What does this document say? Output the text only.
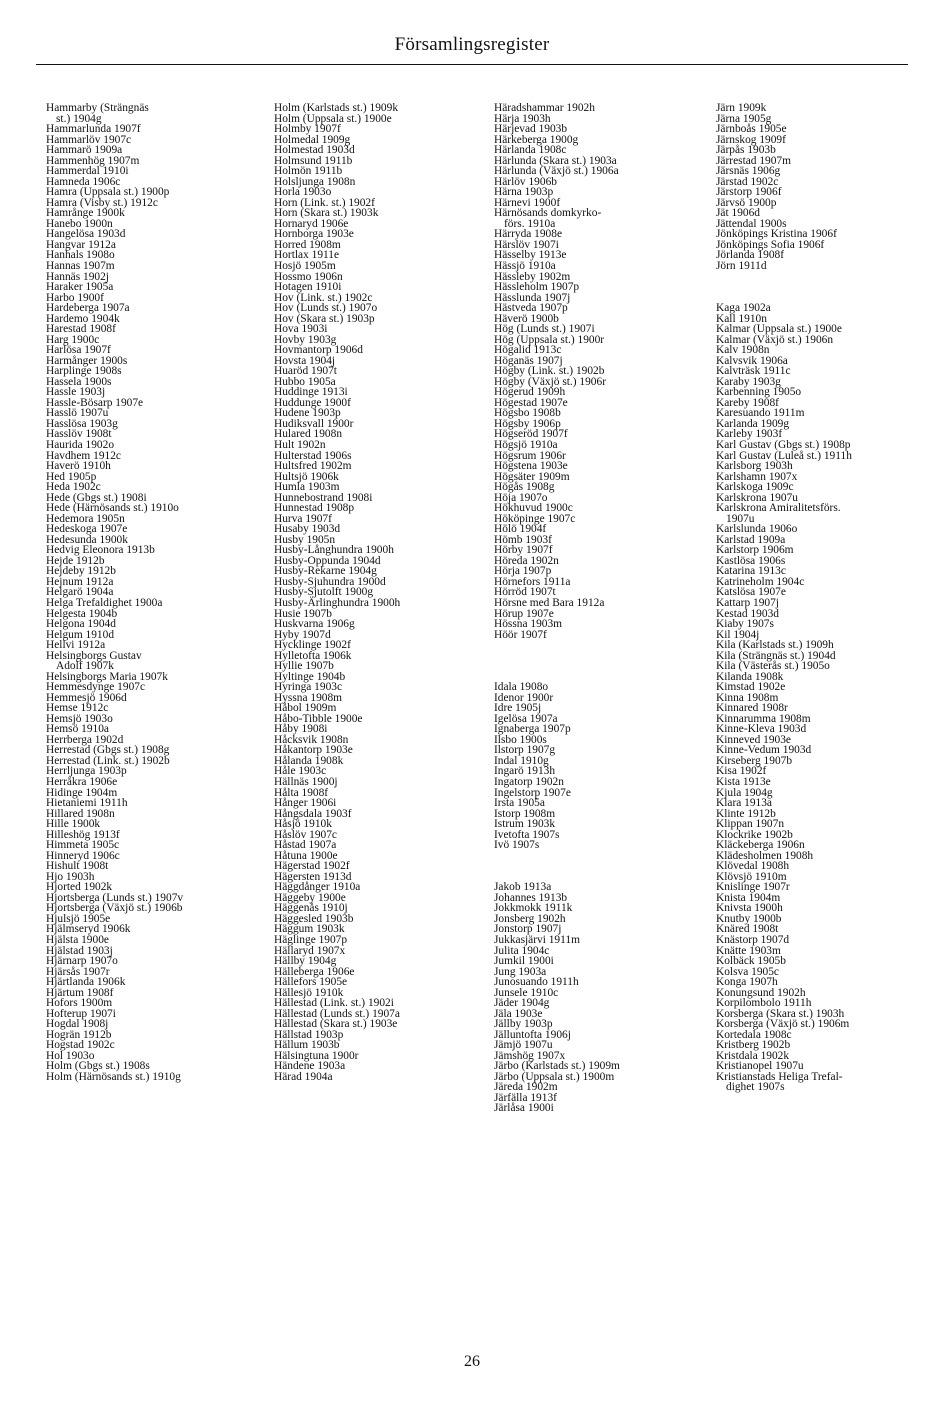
Församlingsregister
Hammarby (Strängnäs
st.) 1904g
Hammarlunda 1907f
Hammarlöv 1907c
Hammarö 1909a
Hammenhög 1907m
Hammerdal 1910i
Hamneda 1906c
Hamra (Uppsala st.) 1900p
Hamra (Visby st.) 1912c
Hamrånge 1900k
Hanebo 1900n
Hangelösa 1903d
Hangvar 1912a
Hanhals 1908o
Hannas 1907m
Hannäs 1902j
Haraker 1905a
Harbo 1900f
Hardeberga 1907a
Hardemo 1904k
Harestad 1908f
Harg 1900c
Harlösa 1907f
Harmånger 1900s
Harplinge 1908s
Hassela 1900s
Hassle 1903j
Hassle-Bösarp 1907e
Hasslö 1907u
Hasslösa 1903g
Hasslöv 1908t
Haurida 1902o
Havdhem 1912c
Haverö 1910h
Hed 1905p
Heda 1902c
Hede (Gbgs st.) 1908i
Hede (Härnösands st.) 1910o
Hedemora 1905n
Hedeskoga 1907e
Hedesunda 1900k
Hedvig Eleonora 1913b
Hejde 1912b
Hejdeby 1912b
Hejnum 1912a
Helgarö 1904a
Helga Trefaldighet 1900a
Helgesta 1904b
Helgona 1904d
Helgum 1910d
Hellvi 1912a
Helsingborgs Gustav
Adolf 1907k
Helsingborgs Maria 1907k
Hemmesdynge 1907c
Hemmesjö 1906d
Hemse 1912c
Hemsjö 1903o
Hemsö 1910a
Herrberga 1902d
Herrestad (Gbgs st.) 1908g
Herrestad (Link. st.) 1902b
Herrljunga 1903p
Herråkra 1906e
Hidinge 1904m
Hietaniemi 1911h
Hillared 1908n
Hille 1900k
Hilleshög 1913f
Himmeta 1905c
Hinneryd 1906c
Hishult 1908t
Hjo 1903h
Hjorted 1902k
Hjortsberga (Lunds st.) 1907v
Hjortsberga (Växjö st.) 1906b
Hjulsjö 1905e
Hjälmseryd 1906k
Hjälsta 1900e
Hjälstad 1903j
Hjärnarp 1907o
Hjärsås 1907r
Hjärtlanda 1906k
Hjärtum 1908f
Hofors 1900m
Hofterup 1907i
Hogdal 1908j
Hogrän 1912b
Hogstad 1902c
Hol 1903o
Holm (Gbgs st.) 1908s
Holm (Härnösands st.) 1910g
Holm (Karlstads st.) 1909k
Holm (Uppsala st.) 1900e
Holmby 1907f
Holmedal 1909g
Holmestad 1903d
Holmsund 1911b
Holmön 1911b
Holsljunga 1908n
Horla 1903o
Horn (Link. st.) 1902f
Horn (Skara st.) 1903k
Hornaryd 1906e
Hornborga 1903e
Horred 1908m
Hortlax 1911e
Hosjö 1905m
Hossmo 1906n
Hotagen 1910i
Hov (Link. st.) 1902c
Hov (Lunds st.) 1907o
Hov (Skara st.) 1903p
Hova 1903i
Hovby 1903g
Hovmantorp 1906d
Hovsta 1904j
Huaröd 1907t
Hubbo 1905a
Huddinge 1913i
Huddunge 1900f
Hudene 1903p
Hudiksvall 1900r
Hulared 1908n
Hult 1902n
Hulterstad 1906s
Hultsfred 1902m
Hultsjö 1906k
Humla 1903m
Hunnebostrand 1908i
Hunnestad 1908p
Hurva 1907f
Husaby 1903d
Husby 1905n
Husby-Långhundra 1900h
Husby-Oppunda 1904d
Husby-Rekarne 1904g
Husby-Sjuhundra 1900d
Husby-Sjutolft 1900g
Husby-Ärlinghundra 1900h
Husie 1907b
Huskvarna 1906g
Hyby 1907d
Hycklinge 1902f
Hylletofta 1906k
Hyllie 1907b
Hyltinge 1904b
Hyringa 1903c
Hyssna 1908m
Håbol 1909m
Håbo-Tibble 1900e
Håby 1908i
Håcksvik 1908n
Håkantorp 1903e
Hålanda 1908k
Håle 1903c
Hällnäs 1900j
Hålta 1908f
Hånger 1906i
Hångsdala 1903f
Håsjö 1910k
Håslöv 1907c
Håstad 1907a
Håtuna 1900e
Hägerstad 1902f
Hägersten 1913d
Häggdånger 1910a
Häggeby 1900e
Häggenås 1910j
Häggesled 1903b
Häggum 1903k
Häglinge 1907p
Hällaryd 1907x
Hällby 1904g
Hälleberga 1906e
Hällefors 1905e
Hällesjö 1910k
Hällestad (Link. st.) 1902i
Hällestad (Lunds st.) 1907a
Hällestad (Skara st.) 1903e
Hällstad 1903p
Hällum 1903b
Hälsingtuna 1900r
Händene 1903a
Härad 1904a
Häradshammar 1902h
Härja 1903h
Härjevad 1903b
Härkeberga 1900g
Härlanda 1908c
Härlunda (Skara st.) 1903a
Härlunda (Växjö st.) 1906a
Härlöv 1906b
Härna 1903p
Härnevi 1900f
Härnösands domkyrko-
förs. 1910a
Härryda 1908e
Härslöv 1907i
Hässelby 1913e
Hässjö 1910a
Hässleby 1902m
Hässleholm 1907p
Hässlunda 1907j
Hästveda 1907p
Häverö 1900b
Hög (Lunds st.) 1907i
Hög (Uppsala st.) 1900r
Högalid 1913c
Höganäs 1907j
Högby (Link. st.) 1902b
Högby (Växjö st.) 1906r
Högerud 1909h
Högestad 1907e
Högsbo 1908b
Högsby 1906p
Högseröd 1907f
Högsjö 1910a
Högsrum 1906r
Högstena 1903e
Högsäter 1909m
Högås 1908g
Höja 1907o
Hökhuvud 1900c
Hököpinge 1907c
Hölö 1904f
Hömb 1903f
Hörby 1907f
Höreda 1902n
Hörja 1907p
Hörnefors 1911a
Hörröd 1907t
Hörsne med Bara 1912a
Hörup 1907e
Hössna 1903m
Höör 1907f

Idala 1908o
Idenor 1900r
Idre 1905j
Igelösa 1907a
Ignaberga 1907p
Ilsbo 1900s
Ilstorp 1907g
Indal 1910g
Ingarö 1913h
Ingatorp 1902n
Ingelstorp 1907e
Irsta 1905a
Istorp 1908m
Istrum 1903k
Ivetofta 1907s
Ivö 1907s

Jakob 1913a
Johannes 1913b
Jokkmokk 1911k
Jonsberg 1902h
Jonstorp 1907j
Jukkasjärvi 1911m
Julita 1904c
Jumkil 1900i
Jung 1903a
Junosuando 1911h
Junsele 1910c
Jäder 1904g
Jäla 1903e
Jällby 1903p
Jälluntofta 1906j
Jämjö 1907u
Jämshög 1907x
Järbo (Karlstads st.) 1909m
Järbo (Uppsala st.) 1900m
Järeda 1902m
Järfälla 1913f
Järlåsa 1900i
Järn 1909k
Järna 1905g
Järnboås 1905e
Järnskog 1909f
Järpås 1903b
Järrestad 1907m
Järsnäs 1906g
Järstad 1902c
Järstorp 1906f
Järvsö 1900p
Jät 1906d
Jättendal 1900s
Jönköpings Kristina 1906f
Jönköpings Sofia 1906f
Jörlanda 1908f
Jörn 1911d

Kaga 1902a
Kall 1910n
Kalmar (Uppsala st.) 1900e
Kalmar (Växjö st.) 1906n
Kalv 1908n
Kalvsvik 1906a
Kalvträsk 1911c
Karaby 1903g
Karbenning 1905o
Kareby 1908f
Karesuando 1911m
Karlanda 1909g
Karleby 1903f
Karl Gustav (Gbgs st.) 1908p
Karl Gustav (Luleå st.) 1911h
Karlsborg 1903h
Karlshamn 1907x
Karlskoga 1909c
Karlskrona 1907u
Karlskrona Amiralitetsförs.
1907u
Karlslunda 1906o
Karlstad 1909a
Karlstorp 1906m
Kastlösa 1906s
Katarina 1913c
Katrineholm 1904c
Katslösa 1907e
Kattarp 1907j
Kestad 1903d
Kiaby 1907s
Kil 1904j
Kila (Karlstads st.) 1909h
Kila (Strängnäs st.) 1904d
Kila (Västerås st.) 1905o
Kilanda 1908k
Kimstad 1902e
Kinna 1908m
Kinnared 1908r
Kinnarumma 1908m
Kinne-Kleva 1903d
Kinneved 1903e
Kinne-Vedum 1903d
Kirseberg 1907b
Kisa 1902f
Kista 1913e
Kjula 1904g
Klara 1913a
Klinte 1912b
Klippan 1907n
Klockrike 1902b
Kläckeberga 1906n
Klädesholmen 1908h
Klövedal 1908h
Klövsjö 1910m
Knislinge 1907r
Knista 1904m
Knivsta 1900h
Knutby 1900b
Knäred 1908t
Knästorp 1907d
Knätte 1903m
Kolbäck 1905b
Kolsva 1905c
Konga 1907h
Konungsund 1902h
Korpilombolo 1911h
Korsberga (Skara st.) 1903h
Korsberga (Växjö st.) 1906m
Kortedala 1908c
Kristberg 1902b
Kristdala 1902k
Kristianopel 1907u
Kristianstads Heliga Trefal-
dighet 1907s
26
